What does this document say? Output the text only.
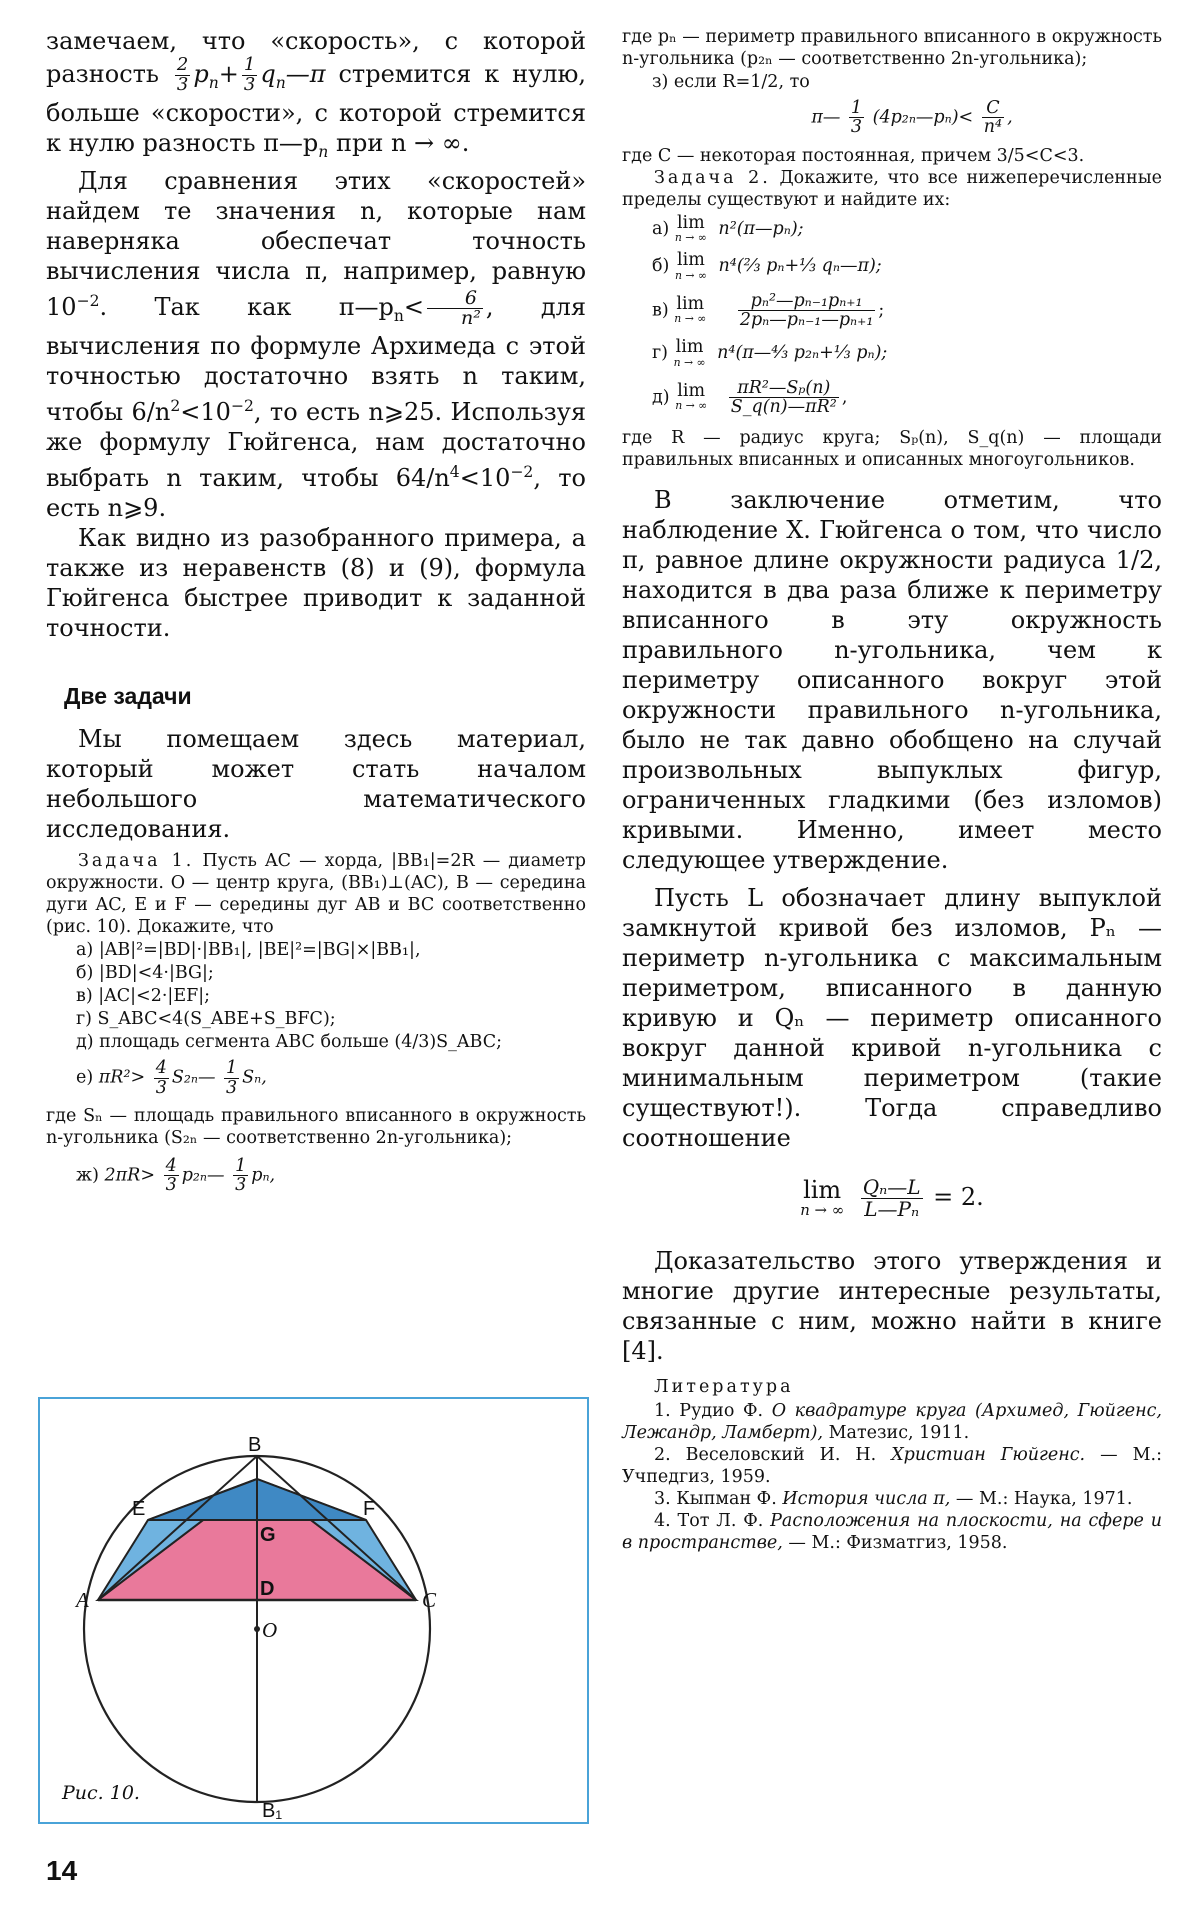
замечаем, что «скорость», с которой разность $\frac{2}{3} p_n+ \frac{1}{3}$ $q_n—\pi$ стремится к нулю, больше «скорости», с которой стремится к нулю разность $\pi—p_n$ при n → ∞.

Для сравнения этих «скоростей» найдем те значения n, которые нам наверняка обеспечат точность вычисления числа π, например, равную $10^{-2}$. Так как $\pi—p_n< \frac{6}{\text{n²}}$ , для вычисления по формуле Архимеда с этой точностью достаточно взять n таким, чтобы $6/n^2<10^{-2}$, то есть n⩾25. Используя же формулу Гюйгенса, нам достаточно выбрать n таким, чтобы $64/n^4<10^{-2}$, то есть n⩾9.

Как видно из разобранного примера, а также из неравенств (8) и (9), формула Гюйгенса быстрее приводит к заданной точности.

Две задачи

Мы помещаем здесь материал, который может стать началом небольшого математического исследования.

Задача 1. Пусть AC — хорда, |BB₁|=2R — диаметр окружности. O — центр круга, (BB₁)⊥(AC), B — середина дуги AC, E и F — середины дуг AB и BC соответственно (рис. 10). Докажите, что

а) |AB|²=|BD|·|BB₁|, |BE|²=|BG|×|BB₁|,

б) |BD|<4·|BG|;

в) |AC|<2·|EF|;

г) S_ABC<4(S_ABE+S_BFC);

д) площадь сегмента ABC больше (4/3)S_ABC;

е) $\pi R^2> \frac{4}{3}$ S₂ₙ— $\frac{1}{3} S_n$,

где Sₙ — площадь правильного вписанного в окружность n-угольника (S₂ₙ — соответственно 2n-угольника);

ж) $2\pi R> \frac{4}{3}$ p₂ₙ— $\frac{1}{3} p_n$,

B
E	F
G
A	D	C
O
B₁
Рис. 10.
14

где pₙ — периметр правильного вписанного в окружность n-угольника (p₂ₙ — соответственно 2n-угольника);

з) если R=1/2, то

π— $\frac{1}{3}$ (4p₂ₙ—pₙ)< $\frac{C}{\text{n⁴}}$ ,

где C — некоторая постоянная, причем 3/5<C<3.

Задача 2. Докажите, что все нижеперечисленные пределы существуют и найдите их:

а) lim
n → ∞ n²(π—pₙ);
б) lim
n → ∞ n⁴(⅔ pₙ+⅓ qₙ—π);
в) lim
n → ∞
$\frac{\text{pₙ²—pₙ₋₁pₙ₊₁}}{\text{2pₙ—pₙ₋₁—pₙ₊₁}}$ ;
г) lim
n → ∞ n⁴(π—⁴⁄₃ p₂ₙ+⅓ pₙ);
д) lim
n → ∞
$\frac{\text{πR²—Sₚ(n)}}{\text{S\_q(n)—πR²}}$ ,

где R — радиус круга; Sₚ(n), S_q(n) — площади правильных вписанных и описанных многоугольников.

В заключение отметим, что наблюдение Х. Гюйгенса о том, что число π, равное длине окружности радиуса 1/2, находится в два раза ближе к периметру вписанного в эту окружность правильного n-угольника, чем к периметру описанного вокруг этой окружности правильного n-угольника, было не так давно обобщено на случай произвольных выпуклых фигур, ограниченных гладкими (без изломов) кривыми. Именно, имеет место следующее утверждение.

Пусть L обозначает длину выпуклой замкнутой кривой без изломов, Pₙ — периметр n-угольника с максимальным периметром, вписанного в данную кривую и Qₙ — периметр описанного вокруг данной кривой n-угольника с минимальным периметром (такие существуют!). Тогда справедливо соотношение

lim
n → ∞
$\frac{\text{Qₙ—L}}{\text{L—Pₙ}} = 2$.

Доказательство этого утверждения и многие другие интересные результаты, связанные с ним, можно найти в книге [4].

Литература

1. Рудио Ф. О квадратуре круга (Архимед, Гюйгенс, Лежандр, Ламберт), Матезис, 1911.

2. Веселовский И. Н. Христиан Гюйгенс. — М.: Учпедгиз, 1959.

3. Кыпман Ф. История числа π, — М.: Наука, 1971.

4. Тот Л. Ф. Расположения на плоскости, на сфере и в пространстве, — М.: Физматгиз, 1958.
